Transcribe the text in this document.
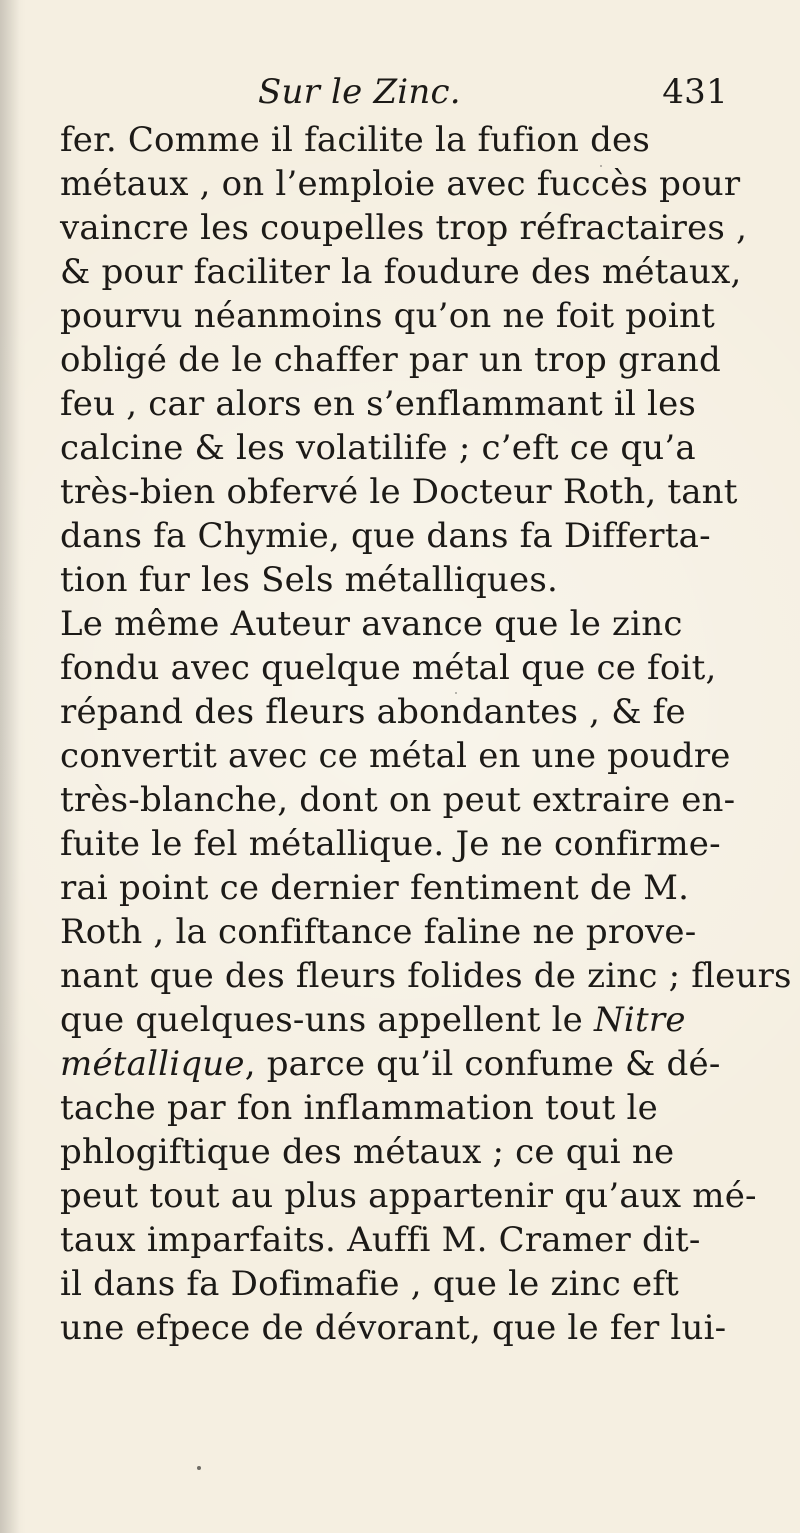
Sur le Zinc.	431
fer. Comme il facilite la fufion des
métaux , on l’emploie avec fuccès pour
vaincre les coupelles trop réfractaires ,
& pour faciliter la foudure des métaux,
pourvu néanmoins qu’on ne foit point
obligé de le chaffer par un trop grand
feu , car alors en s’enflammant il les
calcine & les volatilife ; c’eft ce qu’a
très-bien obfervé le Docteur Roth, tant
dans fa Chymie, que dans fa Differta-
tion fur les Sels métalliques.
Le même Auteur avance que le zinc
fondu avec quelque métal que ce foit,
répand des fleurs abondantes , & fe
convertit avec ce métal en une poudre
très-blanche, dont on peut extraire en-
fuite le fel métallique. Je ne confirme-
rai point ce dernier fentiment de M.
Roth , la confiftance faline ne prove-
nant que des fleurs folides de zinc ; fleurs
que quelques-uns appellent le Nitre
métallique, parce qu’il confume & dé-
tache par fon inflammation tout le
phlogiftique des métaux ; ce qui ne
peut tout au plus appartenir qu’aux mé-
taux imparfaits. Auffi M. Cramer dit-
il dans fa Dofimafie , que le zinc eft
une efpece de dévorant, que le fer lui-
